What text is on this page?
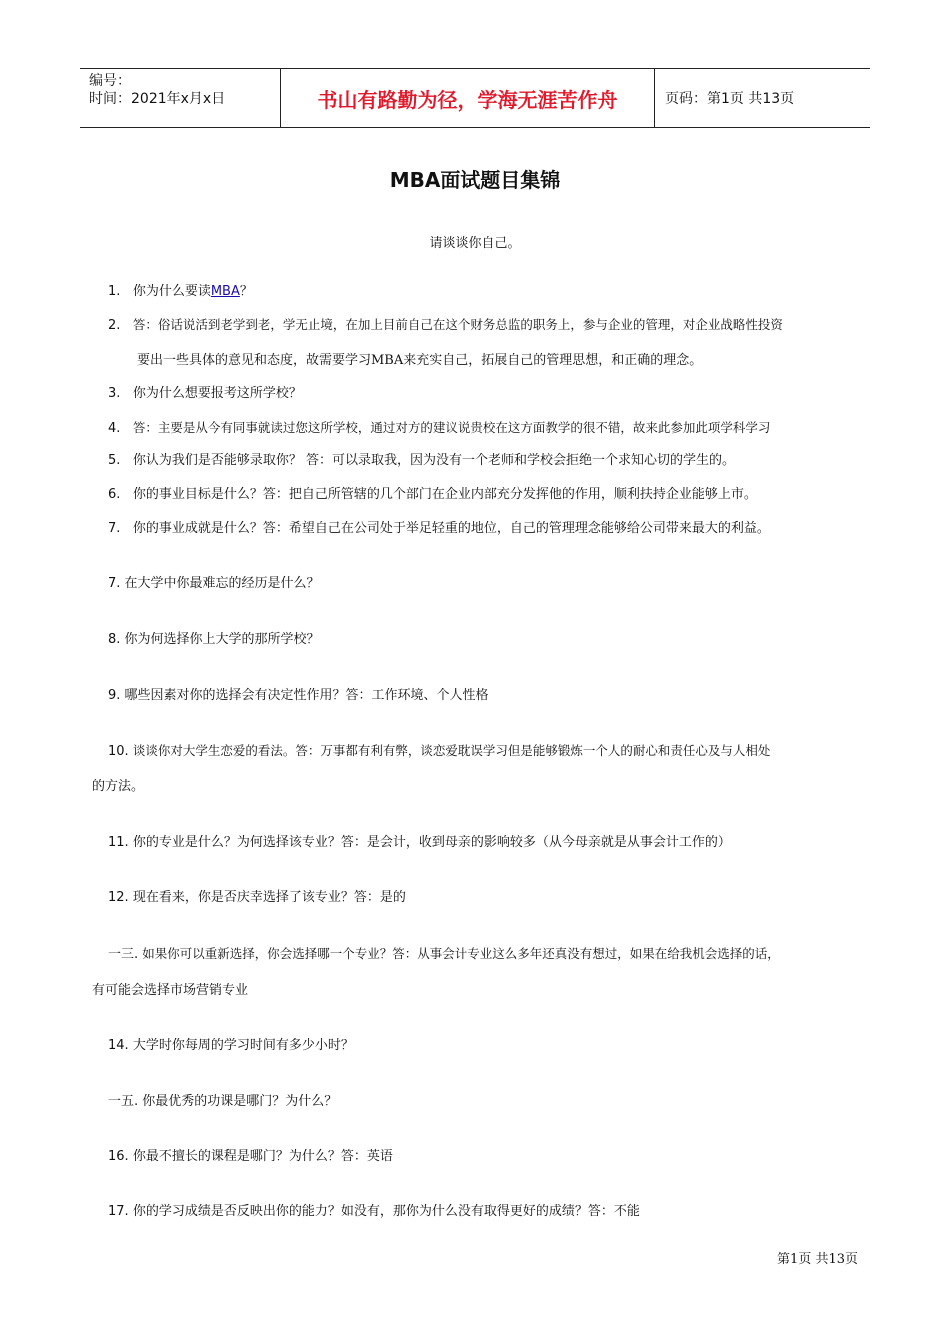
编号：
时间：2021年x月x日	书山有路勤为径，学海无涯苦作舟	页码：第1页 共13页
MBA面试题目集锦
请谈谈你自己。
1. 你为什么要读MBA？
2. 答：俗话说活到老学到老，学无止境，在加上目前自己在这个财务总监的职务上，参与企业的管理，对企业战略性投资
要出一些具体的意见和态度，故需要学习MBA来充实自己，拓展自己的管理思想，和正确的理念。
3. 你为什么想要报考这所学校？
4. 答：主要是从今有同事就读过您这所学校，通过对方的建议说贵校在这方面教学的很不错，故来此参加此项学科学习
5. 你认为我们是否能够录取你？ 答：可以录取我，因为没有一个老师和学校会拒绝一个求知心切的学生的。
6. 你的事业目标是什么？答：把自己所管辖的几个部门在企业内部充分发挥他的作用，顺利扶持企业能够上市。
7. 你的事业成就是什么？答：希望自己在公司处于举足轻重的地位，自己的管理理念能够给公司带来最大的利益。
7. 在大学中你最难忘的经历是什么？
8. 你为何选择你上大学的那所学校？
9. 哪些因素对你的选择会有决定性作用？答：工作环境、个人性格
10. 谈谈你对大学生恋爱的看法。答：万事都有利有弊，谈恋爱耽误学习但是能够锻炼一个人的耐心和责任心及与人相处
的方法。
11. 你的专业是什么？为何选择该专业？答：是会计，收到母亲的影响较多（从今母亲就是从事会计工作的）
12. 现在看来，你是否庆幸选择了该专业？答：是的
一三. 如果你可以重新选择，你会选择哪一个专业？答：从事会计专业这么多年还真没有想过，如果在给我机会选择的话，
有可能会选择市场营销专业
14. 大学时你每周的学习时间有多少小时？
一五. 你最优秀的功课是哪门？为什么？
16. 你最不擅长的课程是哪门？为什么？答：英语
17. 你的学习成绩是否反映出你的能力？如没有，那你为什么没有取得更好的成绩？答：不能
第1页 共13页
